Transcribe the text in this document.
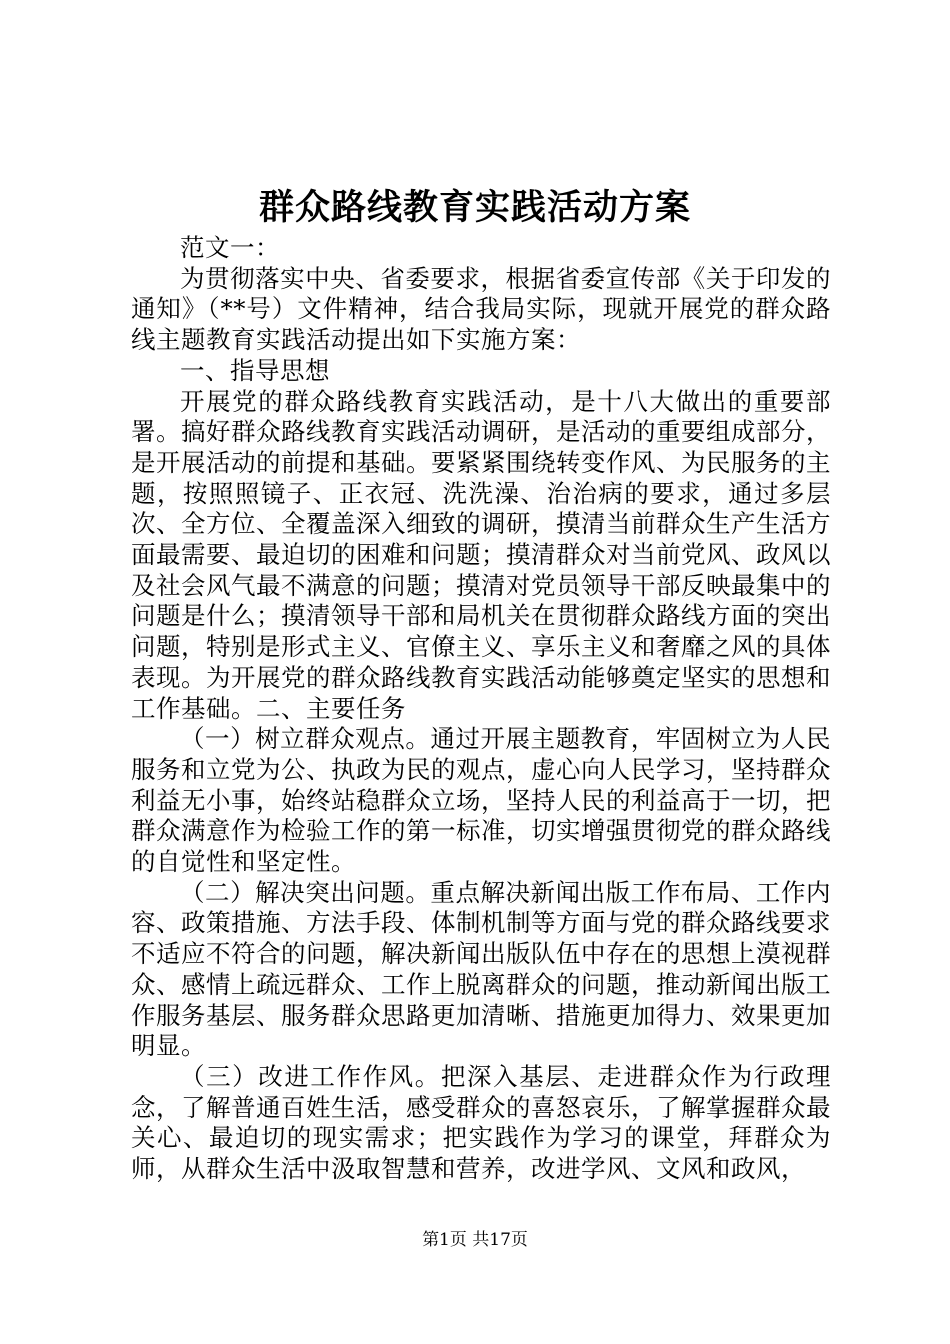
群众路线教育实践活动方案

范文一：

为贯彻落实中央、省委要求，根据省委宣传部《关于印发的通知》（**号）文件精神，结合我局实际，现就开展党的群众路线主题教育实践活动提出如下实施方案：

一、指导思想

开展党的群众路线教育实践活动，是十八大做出的重要部署。搞好群众路线教育实践活动调研，是活动的重要组成部分，是开展活动的前提和基础。要紧紧围绕转变作风、为民服务的主题，按照照镜子、正衣冠、洗洗澡、治治病的要求，通过多层次、全方位、全覆盖深入细致的调研，摸清当前群众生产生活方面最需要、最迫切的困难和问题；摸清群众对当前党风、政风以及社会风气最不满意的问题；摸清对党员领导干部反映最集中的问题是什么；摸清领导干部和局机关在贯彻群众路线方面的突出问题，特别是形式主义、官僚主义、享乐主义和奢靡之风的具体表现。为开展党的群众路线教育实践活动能够奠定坚实的思想和工作基础。二、主要任务

（一）树立群众观点。通过开展主题教育，牢固树立为人民服务和立党为公、执政为民的观点，虚心向人民学习，坚持群众利益无小事，始终站稳群众立场，坚持人民的利益高于一切，把群众满意作为检验工作的第一标准，切实增强贯彻党的群众路线的自觉性和坚定性。

（二）解决突出问题。重点解决新闻出版工作布局、工作内容、政策措施、方法手段、体制机制等方面与党的群众路线要求不适应不符合的问题，解决新闻出版队伍中存在的思想上漠视群众、感情上疏远群众、工作上脱离群众的问题，推动新闻出版工作服务基层、服务群众思路更加清晰、措施更加得力、效果更加明显。

（三）改进工作作风。把深入基层、走进群众作为行政理念，了解普通百姓生活，感受群众的喜怒哀乐，了解掌握群众最关心、最迫切的现实需求；把实践作为学习的课堂，拜群众为师，从群众生活中汲取智慧和营养，改进学风、文风和政风，

第1页 共17页
